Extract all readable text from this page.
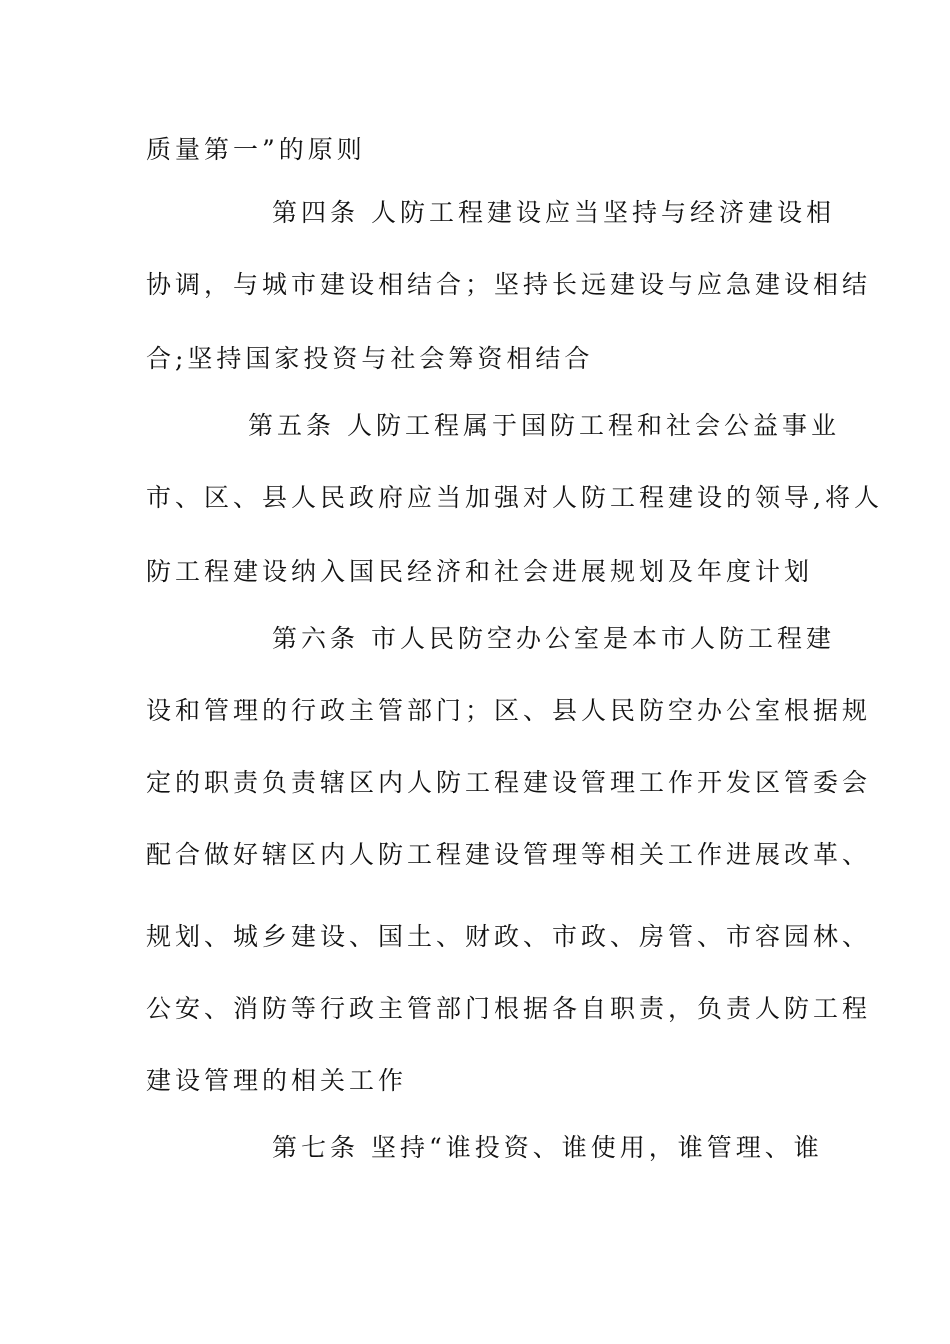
质量第一”的原则
第四条 人防工程建设应当坚持与经济建设相
协调，与城市建设相结合；坚持长远建设与应急建设相结
合;坚持国家投资与社会筹资相结合
第五条 人防工程属于国防工程和社会公益事业
市、区、县人民政府应当加强对人防工程建设的领导,将人
防工程建设纳入国民经济和社会进展规划及年度计划
第六条 市人民防空办公室是本市人防工程建
设和管理的行政主管部门；区、县人民防空办公室根据规
定的职责负责辖区内人防工程建设管理工作开发区管委会
配合做好辖区内人防工程建设管理等相关工作进展改革、
规划、城乡建设、国土、财政、市政、房管、市容园林、
公安、消防等行政主管部门根据各自职责，负责人防工程
建设管理的相关工作
第七条 坚持“谁投资、谁使用，谁管理、谁
